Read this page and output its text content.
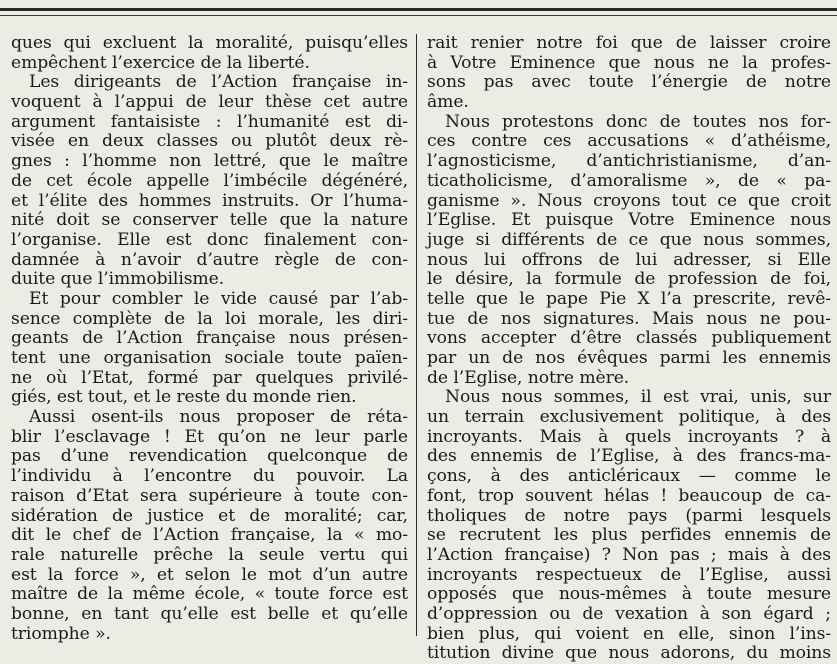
ques qui excluent la moralité, puisqu’elles
empêchent l’exercice de la liberté.
Les dirigeants de l’Action française in-
voquent à l’appui de leur thèse cet autre
argument fantaisiste : l’humanité est di-
visée en deux classes ou plutôt deux rè-
gnes : l’homme non lettré, que le maître
de cet école appelle l’imbécile dégénéré,
et l’élite des hommes instruits. Or l’huma-
nité doit se conserver telle que la nature
l’organise. Elle est donc finalement con-
damnée à n’avoir d’autre règle de con-
duite que l’immobilisme.
Et pour combler le vide causé par l’ab-
sence complète de la loi morale, les diri-
geants de l’Action française nous présen-
tent une organisation sociale toute païen-
ne où l’Etat, formé par quelques privilé-
giés, est tout, et le reste du monde rien.
Aussi osent-ils nous proposer de réta-
blir l’esclavage ! Et qu’on ne leur parle
pas d’une revendication quelconque de
l’individu à l’encontre du pouvoir. La
raison d’Etat sera supérieure à toute con-
sidération de justice et de moralité; car,
dit le chef de l’Action française, la « mo-
rale naturelle prêche la seule vertu qui
est la force », et selon le mot d’un autre
maître de la même école, « toute force est
bonne, en tant qu’elle est belle et qu’elle
triomphe ».
rait renier notre foi que de laisser croire
à Votre Eminence que nous ne la profes-
sons pas avec toute l’énergie de notre
âme.
Nous protestons donc de toutes nos for-
ces contre ces accusations « d’athéisme,
l’agnosticisme, d’antichristianisme, d’an-
ticatholicisme, d’amoralisme », de « pa-
ganisme ». Nous croyons tout ce que croit
l’Eglise. Et puisque Votre Eminence nous
juge si différents de ce que nous sommes,
nous lui offrons de lui adresser, si Elle
le désire, la formule de profession de foi,
telle que le pape Pie X l’a prescrite, revê-
tue de nos signatures. Mais nous ne pou-
vons accepter d’être classés publiquement
par un de nos évêques parmi les ennemis
de l’Eglise, notre mère.
Nous nous sommes, il est vrai, unis, sur
un terrain exclusivement politique, à des
incroyants. Mais à quels incroyants ? à
des ennemis de l’Eglise, à des francs-ma-
çons, à des anticléricaux — comme le
font, trop souvent hélas ! beaucoup de ca-
tholiques de notre pays (parmi lesquels
se recrutent les plus perfides ennemis de
l’Action française) ? Non pas ; mais à des
incroyants respectueux de l’Eglise, aussi
opposés que nous-mêmes à toute mesure
d’oppression ou de vexation à son égard ;
bien plus, qui voient en elle, sinon l’ins-
titution divine que nous adorons, du moins
